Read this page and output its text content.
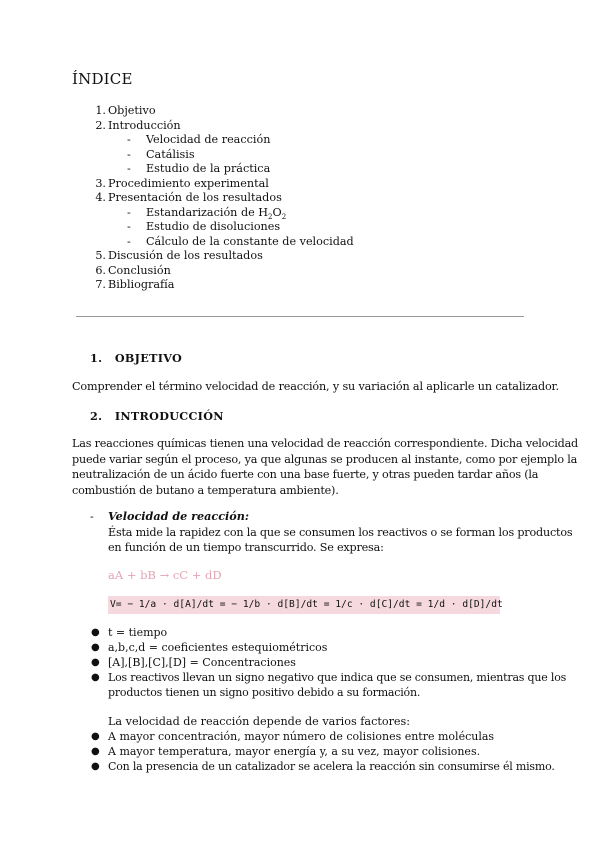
ÍNDICE
1. Objetivo
2. Introducción
- Velocidad de reacción
- Catálisis
- Estudio de la práctica
3. Procedimiento experimental
4. Presentación de los resultados
- Estandarización de $H_2O_2$
- Estudio de disoluciones
- Cálculo de la constante de velocidad
5. Discusión de los resultados
6. Conclusión
7. Bibliografía
1. OBJETIVO
Comprender el término velocidad de reacción, y su variación al aplicarle un catalizador.
2. INTRODUCCIÓN
Las reacciones químicas tienen una velocidad de reacción correspondiente. Dicha velocidad
puede variar según el proceso, ya que algunas se producen al instante, como por ejemplo la
neutralización de un ácido fuerte con una base fuerte, y otras pueden tardar años (la
combustión de butano a temperatura ambiente).
- Velocidad de reacción:
Ésta mide la rapidez con la que se consumen los reactivos o se forman los productos
en función de un tiempo transcurrido. Se expresa:
aA + bB → cC + dD
V= − 1/a · d[A]/dt = − 1/b · d[B]/dt = 1/c · d[C]/dt = 1/d · d[D]/dt
● t = tiempo
● a,b,c,d = coeficientes estequiométricos
● [A],[B],[C],[D] = Concentraciones
● Los reactivos llevan un signo negativo que indica que se consumen, mientras que los
productos tienen un signo positivo debido a su formación.
La velocidad de reacción depende de varios factores:
● A mayor concentración, mayor número de colisiones entre moléculas
● A mayor temperatura, mayor energía y, a su vez, mayor colisiones.
● Con la presencia de un catalizador se acelera la reacción sin consumirse él mismo.
